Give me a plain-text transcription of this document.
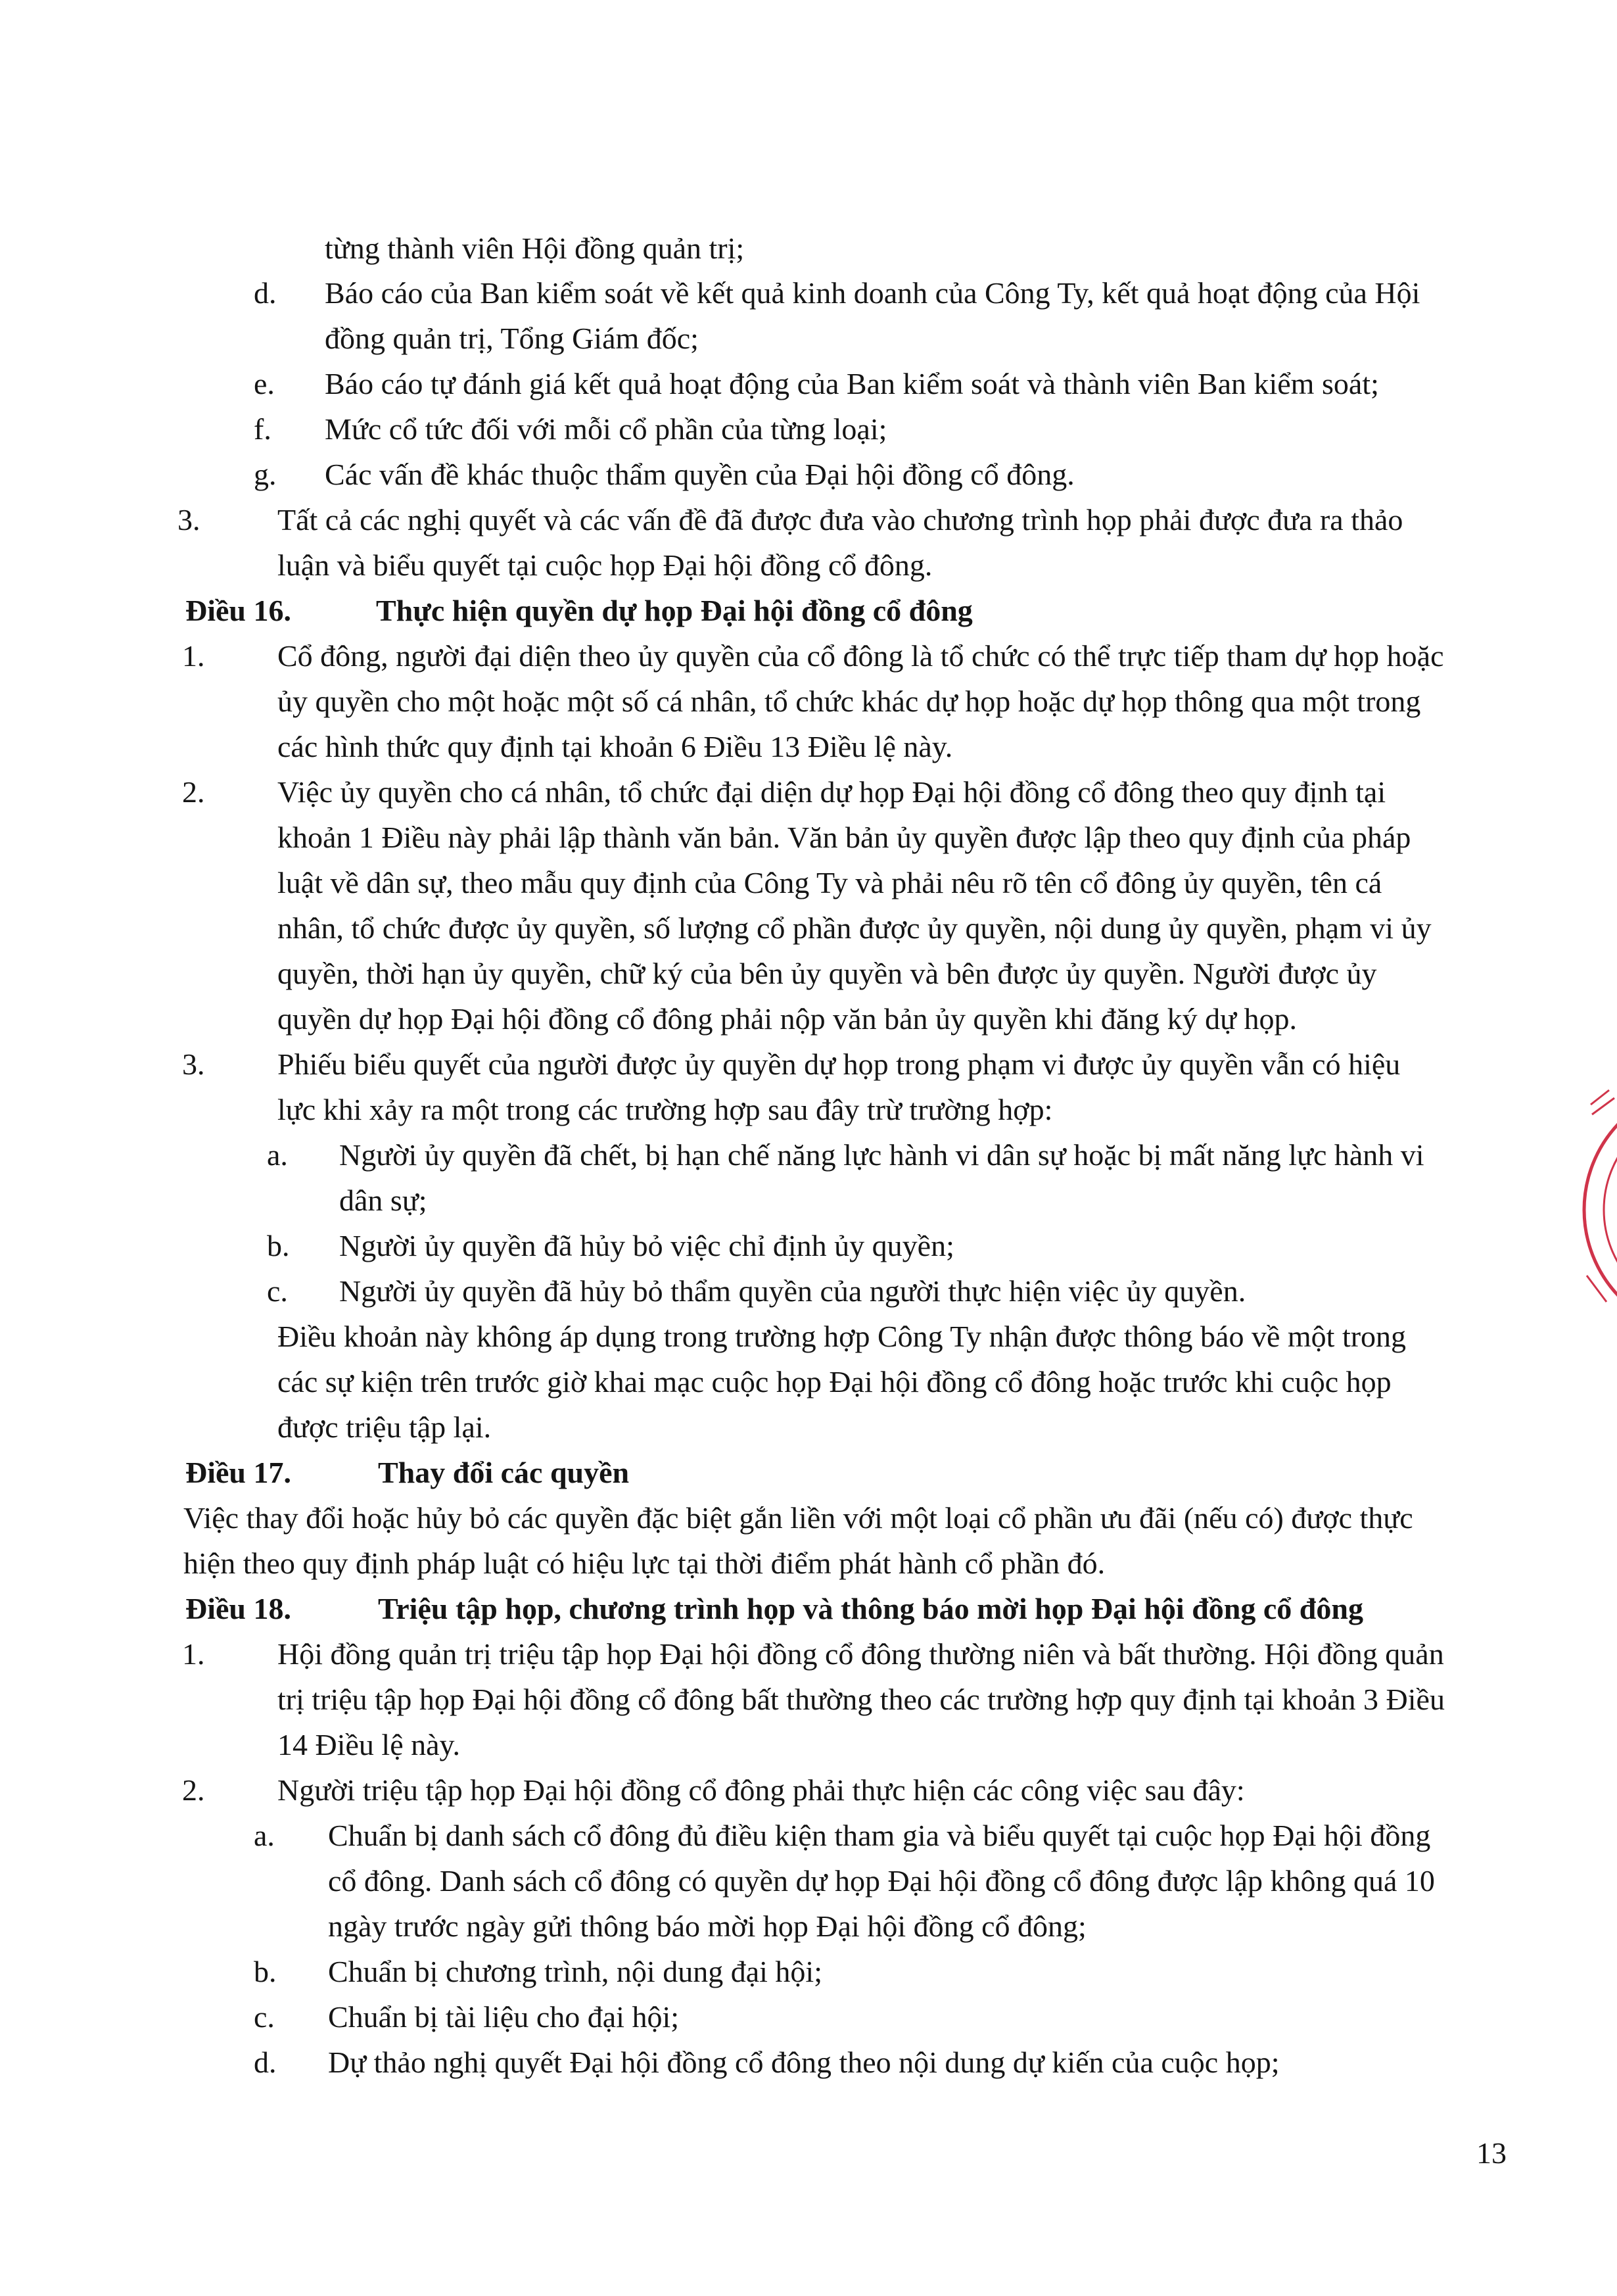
từng thành viên Hội đồng quản trị;
d. Báo cáo của Ban kiểm soát về kết quả kinh doanh của Công Ty, kết quả hoạt động của Hội
đồng quản trị, Tổng Giám đốc;
e. Báo cáo tự đánh giá kết quả hoạt động của Ban kiểm soát và thành viên Ban kiểm soát;
f. Mức cổ tức đối với mỗi cổ phần của từng loại;
g. Các vấn đề khác thuộc thẩm quyền của Đại hội đồng cổ đông.
3.	Tất cả các nghị quyết và các vấn đề đã được đưa vào chương trình họp phải được đưa ra thảo
luận và biểu quyết tại cuộc họp Đại hội đồng cổ đông.
Điều 16.	Thực hiện quyền dự họp Đại hội đồng cổ đông
1. Cổ đông, người đại diện theo ủy quyền của cổ đông là tổ chức có thể trực tiếp tham dự họp hoặc
ủy quyền cho một hoặc một số cá nhân, tổ chức khác dự họp hoặc dự họp thông qua một trong
các hình thức quy định tại khoản 6 Điều 13 Điều lệ này.
2. Việc ủy quyền cho cá nhân, tổ chức đại diện dự họp Đại hội đồng cổ đông theo quy định tại
khoản 1 Điều này phải lập thành văn bản. Văn bản ủy quyền được lập theo quy định của pháp
luật về dân sự, theo mẫu quy định của Công Ty và phải nêu rõ tên cổ đông ủy quyền, tên cá
nhân, tổ chức được ủy quyền, số lượng cổ phần được ủy quyền, nội dung ủy quyền, phạm vi ủy
quyền, thời hạn ủy quyền, chữ ký của bên ủy quyền và bên được ủy quyền. Người được ủy
quyền dự họp Đại hội đồng cổ đông phải nộp văn bản ủy quyền khi đăng ký dự họp.
3. Phiếu biểu quyết của người được ủy quyền dự họp trong phạm vi được ủy quyền vẫn có hiệu
lực khi xảy ra một trong các trường hợp sau đây trừ trường hợp:
a. Người ủy quyền đã chết, bị hạn chế năng lực hành vi dân sự hoặc bị mất năng lực hành vi
dân sự;
b. Người ủy quyền đã hủy bỏ việc chỉ định ủy quyền;
c. Người ủy quyền đã hủy bỏ thẩm quyền của người thực hiện việc ủy quyền.
Điều khoản này không áp dụng trong trường hợp Công Ty nhận được thông báo về một trong
các sự kiện trên trước giờ khai mạc cuộc họp Đại hội đồng cổ đông hoặc trước khi cuộc họp
được triệu tập lại.
Điều 17.	Thay đổi các quyền
Việc thay đổi hoặc hủy bỏ các quyền đặc biệt gắn liền với một loại cổ phần ưu đãi (nếu có) được thực
hiện theo quy định pháp luật có hiệu lực tại thời điểm phát hành cổ phần đó.
Điều 18.	Triệu tập họp, chương trình họp và thông báo mời họp Đại hội đồng cổ đông
1. Hội đồng quản trị triệu tập họp Đại hội đồng cổ đông thường niên và bất thường. Hội đồng quản
trị triệu tập họp Đại hội đồng cổ đông bất thường theo các trường hợp quy định tại khoản 3 Điều
14 Điều lệ này.
2. Người triệu tập họp Đại hội đồng cổ đông phải thực hiện các công việc sau đây:
a. Chuẩn bị danh sách cổ đông đủ điều kiện tham gia và biểu quyết tại cuộc họp Đại hội đồng
cổ đông. Danh sách cổ đông có quyền dự họp Đại hội đồng cổ đông được lập không quá 10
ngày trước ngày gửi thông báo mời họp Đại hội đồng cổ đông;
b. Chuẩn bị chương trình, nội dung đại hội;
c. Chuẩn bị tài liệu cho đại hội;
d. Dự thảo nghị quyết Đại hội đồng cổ đông theo nội dung dự kiến của cuộc họp;
13
